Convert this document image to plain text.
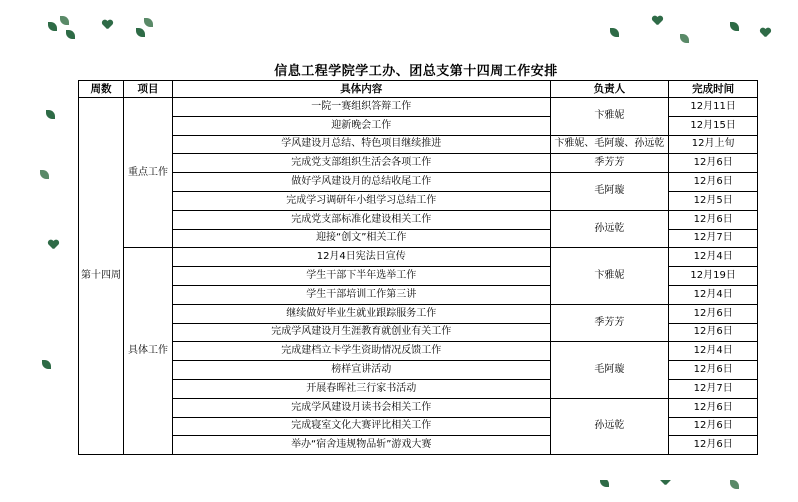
信息工程学院学工办、团总支第十四周工作安排
周数	项目	具体内容	负责人	完成时间
第十四周	重点工作	一院一赛组织答辩工作	卞雅妮	12月11日
		迎新晚会工作		12月15日
		学风建设月总结、特色项目继续推进	卞雅妮、毛阿璇、孙远乾	12月上旬
		完成党支部组织生活会各项工作	季芳芳	12月6日
		做好学风建设月的总结收尾工作	毛阿璇	12月6日
		完成学习调研年小组学习总结工作		12月5日
		完成党支部标准化建设相关工作	孙远乾	12月6日
		迎接“创文”相关工作		12月7日
	具体工作	12月4日宪法日宣传	卞雅妮	12月4日
		学生干部下半年选举工作		12月19日
		学生干部培训工作第三讲		12月4日
		继续做好毕业生就业跟踪服务工作	季芳芳	12月6日
		完成学风建设月生涯教育就创业有关工作		12月6日
		完成建档立卡学生资助情况反馈工作	毛阿璇	12月4日
		榜样宣讲活动		12月6日
		开展春晖社三行家书活动		12月7日
		完成学风建设月读书会相关工作	孙远乾	12月6日
		完成寝室文化大赛评比相关工作		12月6日
		举办“宿舍违规物品斩”游戏大赛		12月6日
